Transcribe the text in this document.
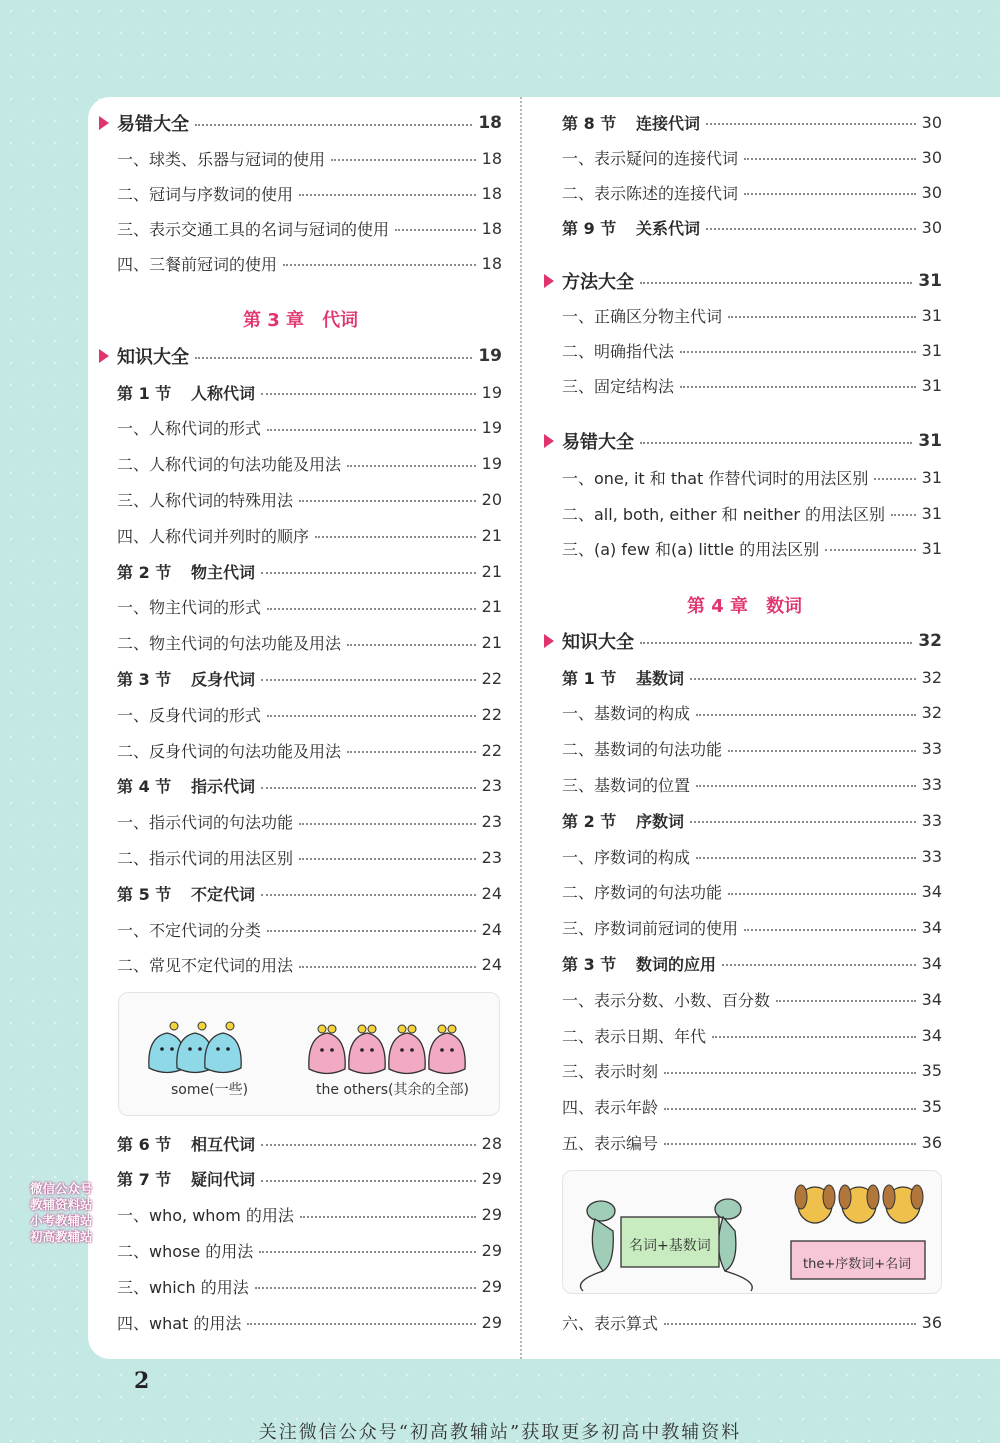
易错大全	18
一、球类、乐器与冠词的使用	18
二、冠词与序数词的使用	18
三、表示交通工具的名词与冠词的使用	18
四、三餐前冠词的使用	18
第 3 章 代词
知识大全	19
第 1 节 人称代词	19
一、人称代词的形式	19
二、人称代词的句法功能及用法	19
三、人称代词的特殊用法	20
四、人称代词并列时的顺序	21
第 2 节 物主代词	21
一、物主代词的形式	21
二、物主代词的句法功能及用法	21
第 3 节 反身代词	22
一、反身代词的形式	22
二、反身代词的句法功能及用法	22
第 4 节 指示代词	23
一、指示代词的句法功能	23
二、指示代词的用法区别	23
第 5 节 不定代词	24
一、不定代词的分类	24
二、常见不定代词的用法	24
some(一些)	the others(其余的全部)
第 6 节 相互代词	28
第 7 节 疑问代词	29
一、who, whom 的用法	29
二、whose 的用法	29
三、which 的用法	29
四、what 的用法	29
第 8 节 连接代词	30
一、表示疑问的连接代词	30
二、表示陈述的连接代词	30
第 9 节 关系代词	30
方法大全	31
一、正确区分物主代词	31
二、明确指代法	31
三、固定结构法	31
易错大全	31
一、one, it 和 that 作替代词时的用法区别	31
二、all, both, either 和 neither 的用法区别 31
三、(a) few 和(a) little 的用法区别	31
第 4 章 数词
知识大全	32
第 1 节 基数词	32
一、基数词的构成	32
二、基数词的句法功能	33
三、基数词的位置	33
第 2 节 序数词	33
一、序数词的构成	33
二、序数词的句法功能	34
三、序数词前冠词的使用	34
第 3 节 数词的应用	34
一、表示分数、小数、百分数	34
二、表示日期、年代	34
三、表示时刻	35
四、表示年龄	35
五、表示编号	36
名词+基数词
the+序数词+名词
六、表示算式	36
微信公众号
教辅资料站
小考教辅站
初高教辅站
2
关注微信公众号“初高教辅站”获取更多初高中教辅资料
